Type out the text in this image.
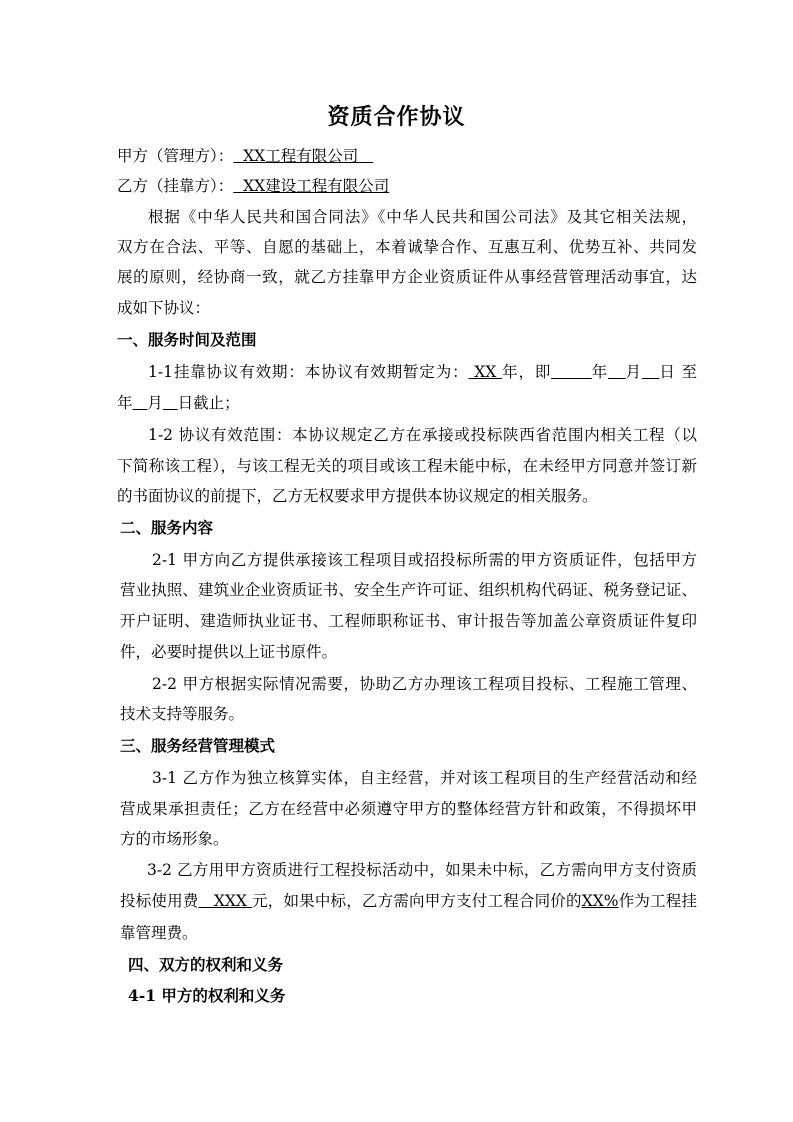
资质合作协议
甲方（管理方）：  XX工程有限公司
乙方（挂靠方）：  XX建设工程有限公司
根据《中华人民共和国合同法》《中华人民共和国公司法》及其它相关法规，
双方在合法、平等、自愿的基础上，本着诚挚合作、互惠互利、优势互补、共同发
展的原则，经协商一致，就乙方挂靠甲方企业资质证件从事经营管理活动事宜，达
成如下协议：
一、服务时间及范围
1-1挂靠协议有效期：本协议有效期暂定为： XX 年，即	年 月 日 至
年 月 日截止；
1-2 协议有效范围：本协议规定乙方在承接或投标陕西省范围内相关工程（以
下简称该工程），与该工程无关的项目或该工程未能中标，在未经甲方同意并签订新
的书面协议的前提下，乙方无权要求甲方提供本协议规定的相关服务。
二、服务内容
2-1 甲方向乙方提供承接该工程项目或招投标所需的甲方资质证件，包括甲方
营业执照、建筑业企业资质证书、安全生产许可证、组织机构代码证、税务登记证、
开户证明、建造师执业证书、工程师职称证书、审计报告等加盖公章资质证件复印
件，必要时提供以上证书原件。
2-2 甲方根据实际情况需要，协助乙方办理该工程项目投标、工程施工管理、
技术支持等服务。
三、服务经营管理模式
3-1 乙方作为独立核算实体，自主经营，并对该工程项目的生产经营活动和经
营成果承担责任；乙方在经营中必须遵守甲方的整体经营方针和政策，不得损坏甲
方的市场形象。
3-2 乙方用甲方资质进行工程投标活动中，如果未中标，乙方需向甲方支付资质
投标使用费   XXX 元，如果中标，乙方需向甲方支付工程合同价的XX%作为工程挂
靠管理费。
四、双方的权利和义务
4-1 甲方的权利和义务
